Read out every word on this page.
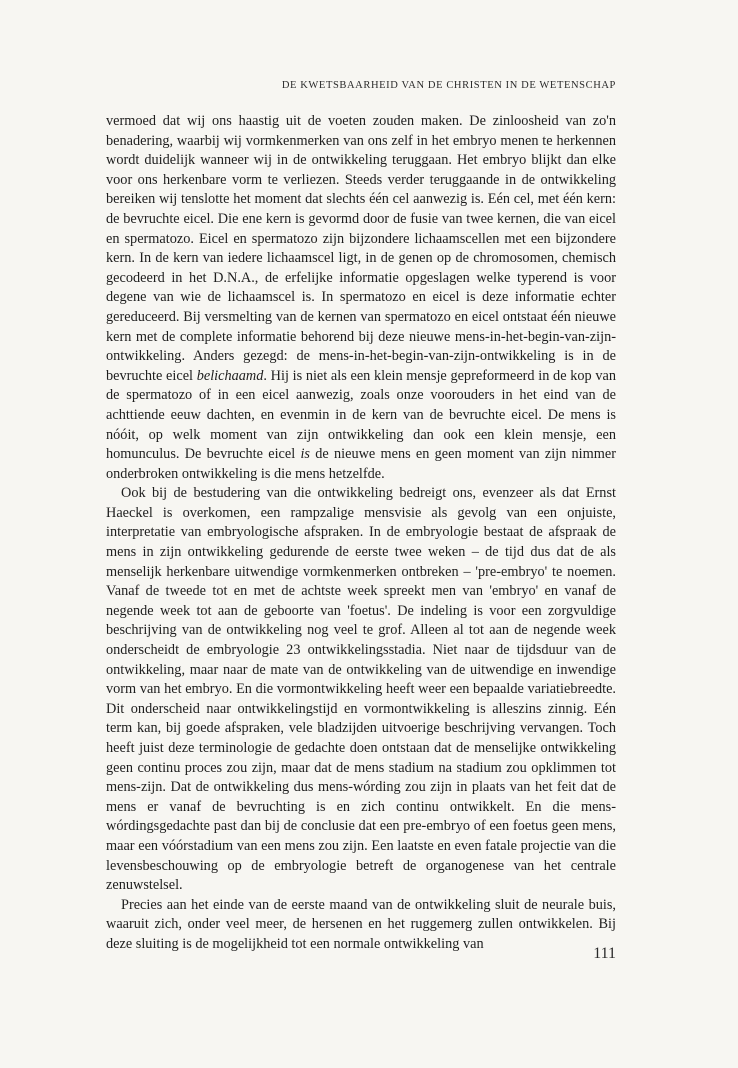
DE KWETSBAARHEID VAN DE CHRISTEN IN DE WETENSCHAP

vermoed dat wij ons haastig uit de voeten zouden maken. De zinloosheid van zo'n benadering, waarbij wij vormkenmerken van ons zelf in het embryo menen te herkennen wordt duidelijk wanneer wij in de ontwikkeling teruggaan. Het embryo blijkt dan elke voor ons herkenbare vorm te verliezen. Steeds verder teruggaande in de ontwikkeling bereiken wij tenslotte het moment dat slechts één cel aanwezig is. Eén cel, met één kern: de bevruchte eicel. Die ene kern is gevormd door de fusie van twee kernen, die van eicel en spermatozo. Eicel en spermatozo zijn bijzondere lichaamscellen met een bijzondere kern. In de kern van iedere lichaamscel ligt, in de genen op de chromosomen, chemisch gecodeerd in het D.N.A., de erfelijke informatie opgeslagen welke typerend is voor degene van wie de lichaamscel is. In spermatozo en eicel is deze informatie echter gereduceerd. Bij versmelting van de kernen van spermatozo en eicel ontstaat één nieuwe kern met de complete informatie behorend bij deze nieuwe mens-in-het-begin-van-zijn-ontwikkeling. Anders gezegd: de mens-in-het-begin-van-zijn-ontwikkeling is in de bevruchte eicel belichaamd. Hij is niet als een klein mensje gepreformeerd in de kop van de spermatozo of in een eicel aanwezig, zoals onze voorouders in het eind van de achttiende eeuw dachten, en evenmin in de kern van de bevruchte eicel. De mens is nóóit, op welk moment van zijn ontwikkeling dan ook een klein mensje, een homunculus. De bevruchte eicel is de nieuwe mens en geen moment van zijn nimmer onderbroken ontwikkeling is die mens hetzelfde.

Ook bij de bestudering van die ontwikkeling bedreigt ons, evenzeer als dat Ernst Haeckel is overkomen, een rampzalige mensvisie als gevolg van een onjuiste, interpretatie van embryologische afspraken. In de embryologie bestaat de afspraak de mens in zijn ontwikkeling gedurende de eerste twee weken – de tijd dus dat de als menselijk herkenbare uitwendige vormkenmerken ontbreken – 'pre-embryo' te noemen. Vanaf de tweede tot en met de achtste week spreekt men van 'embryo' en vanaf de negende week tot aan de geboorte van 'foetus'. De indeling is voor een zorgvuldige beschrijving van de ontwikkeling nog veel te grof. Alleen al tot aan de negende week onderscheidt de embryologie 23 ontwikkelingsstadia. Niet naar de tijdsduur van de ontwikkeling, maar naar de mate van de ontwikkeling van de uitwendige en inwendige vorm van het embryo. En die vormontwikkeling heeft weer een bepaalde variatiebreedte. Dit onderscheid naar ontwikkelingstijd en vormontwikkeling is alleszins zinnig. Eén term kan, bij goede afspraken, vele bladzijden uitvoerige beschrijving vervangen. Toch heeft juist deze terminologie de gedachte doen ontstaan dat de menselijke ontwikkeling geen continu proces zou zijn, maar dat de mens stadium na stadium zou opklimmen tot mens-zijn. Dat de ontwikkeling dus mens-wórding zou zijn in plaats van het feit dat de mens er vanaf de bevruchting is en zich continu ontwikkelt. En die mens-wórdingsgedachte past dan bij de conclusie dat een pre-embryo of een foetus geen mens, maar een vóórstadium van een mens zou zijn. Een laatste en even fatale projectie van die levensbeschouwing op de embryologie betreft de organogenese van het centrale zenuwstelsel.

Precies aan het einde van de eerste maand van de ontwikkeling sluit de neurale buis, waaruit zich, onder veel meer, de hersenen en het ruggemerg zullen ontwikkelen. Bij deze sluiting is de mogelijkheid tot een normale ontwikkeling van

111
